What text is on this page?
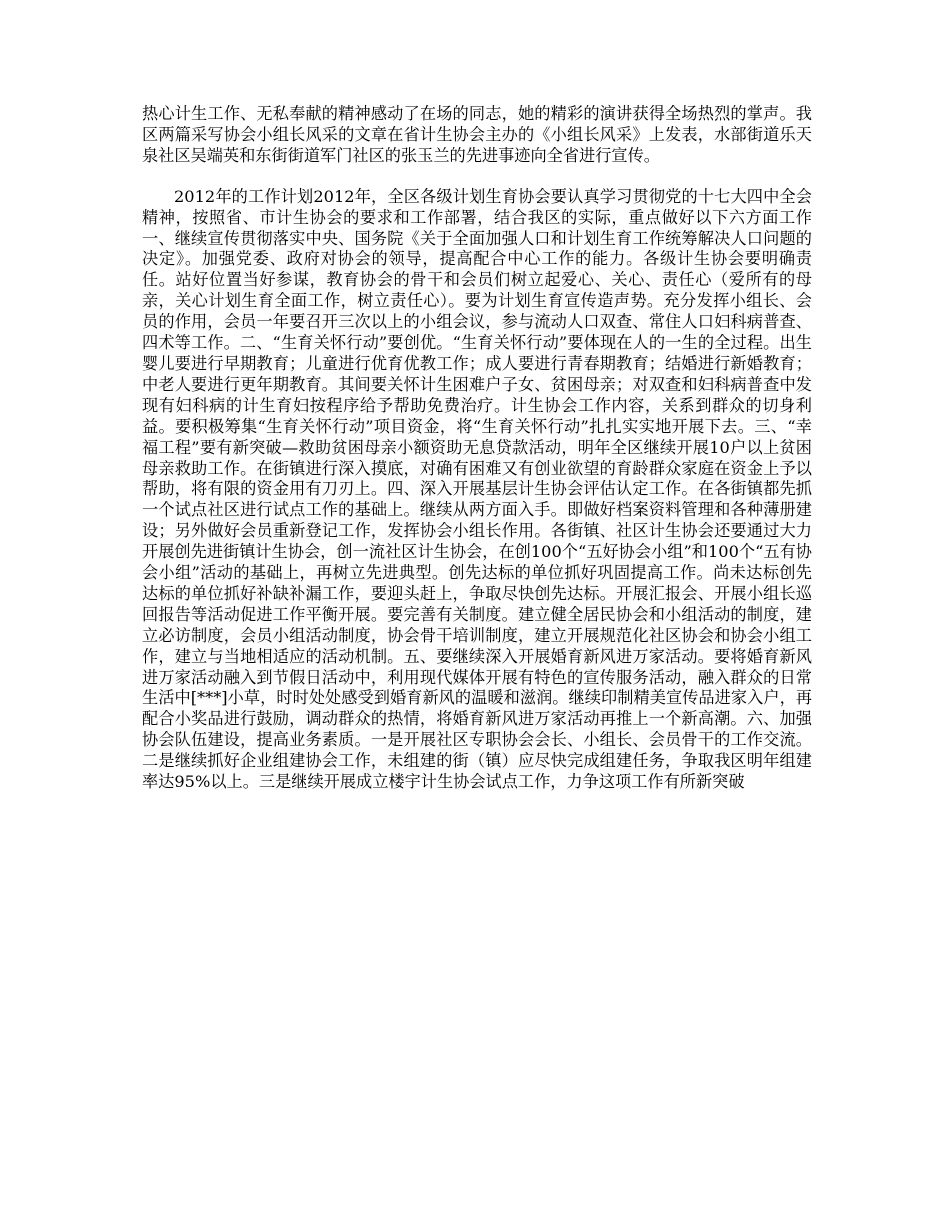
热心计生工作、无私奉献的精神感动了在场的同志，她的精彩的演讲获得全场热烈的掌声。我区两篇采写协会小组长风采的文章在省计生协会主办的《小组长风采》上发表，水部街道乐天泉社区吴端英和东街街道军门社区的张玉兰的先进事迹向全省进行宣传。

2012年的工作计划2012年，全区各级计划生育协会要认真学习贯彻党的十七大四中全会精神，按照省、市计生协会的要求和工作部署，结合我区的实际，重点做好以下六方面工作一、继续宣传贯彻落实中央、国务院《关于全面加强人口和计划生育工作统筹解决人口问题的决定》。加强党委、政府对协会的领导，提高配合中心工作的能力。各级计生协会要明确责任。站好位置当好参谋，教育协会的骨干和会员们树立起爱心、关心、责任心（爱所有的母亲，关心计划生育全面工作，树立责任心）。要为计划生育宣传造声势。充分发挥小组长、会员的作用，会员一年要召开三次以上的小组会议，参与流动人口双查、常住人口妇科病普查、四术等工作。二、“生育关怀行动”要创优。“生育关怀行动”要体现在人的一生的全过程。出生婴儿要进行早期教育；儿童进行优育优教工作；成人要进行青春期教育；结婚进行新婚教育；中老人要进行更年期教育。其间要关怀计生困难户子女、贫困母亲；对双查和妇科病普查中发现有妇科病的计生育妇按程序给予帮助免费治疗。计生协会工作内容，关系到群众的切身利益。要积极筹集“生育关怀行动”项目资金，将“生育关怀行动”扎扎实实地开展下去。三、“幸福工程”要有新突破—救助贫困母亲小额资助无息贷款活动，明年全区继续开展10户以上贫困母亲救助工作。在街镇进行深入摸底，对确有困难又有创业欲望的育龄群众家庭在资金上予以帮助，将有限的资金用有刀刃上。四、深入开展基层计生协会评估认定工作。在各街镇都先抓一个试点社区进行试点工作的基础上。继续从两方面入手。即做好档案资料管理和各种薄册建设；另外做好会员重新登记工作，发挥协会小组长作用。各街镇、社区计生协会还要通过大力开展创先进街镇计生协会，创一流社区计生协会，在创100个“五好协会小组”和100个“五有协会小组”活动的基础上，再树立先进典型。创先达标的单位抓好巩固提高工作。尚未达标创先达标的单位抓好补缺补漏工作，要迎头赶上，争取尽快创先达标。开展汇报会、开展小组长巡回报告等活动促进工作平衡开展。要完善有关制度。建立健全居民协会和小组活动的制度，建立必访制度，会员小组活动制度，协会骨干培训制度，建立开展规范化社区协会和协会小组工作，建立与当地相适应的活动机制。五、要继续深入开展婚育新风进万家活动。要将婚育新风进万家活动融入到节假日活动中，利用现代媒体开展有特色的宣传服务活动，融入群众的日常生活中[***]小草，时时处处感受到婚育新风的温暖和滋润。继续印制精美宣传品进家入户，再配合小奖品进行鼓励，调动群众的热情，将婚育新风进万家活动再推上一个新高潮。六、加强协会队伍建设，提高业务素质。一是开展社区专职协会会长、小组长、会员骨干的工作交流。二是继续抓好企业组建协会工作，未组建的街（镇）应尽快完成组建任务，争取我区明年组建率达95%以上。三是继续开展成立楼宇计生协会试点工作，力争这项工作有所新突破
